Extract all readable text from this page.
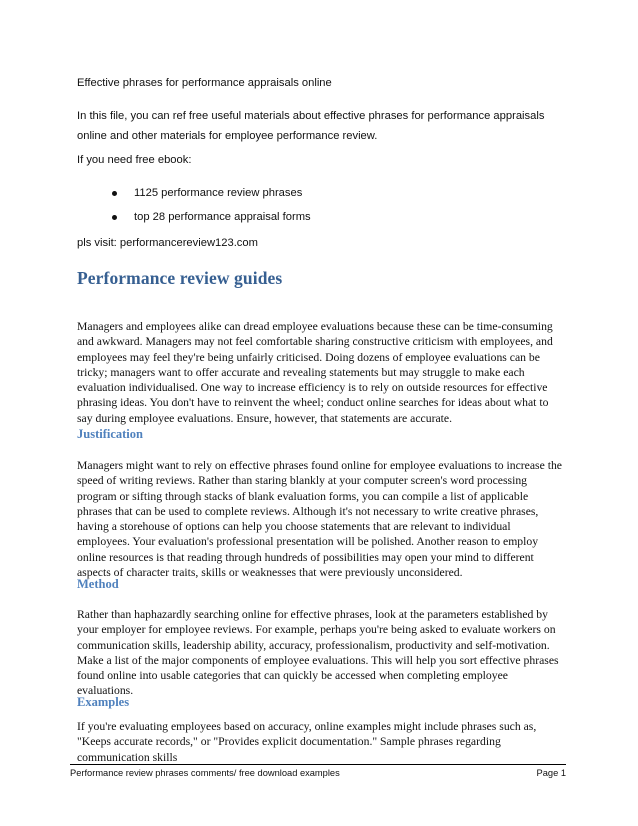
Effective phrases for performance appraisals online

In this file, you can ref free useful materials about effective phrases for performance appraisals online and other materials for employee performance review.

If you need free ebook:

1125 performance review phrases
top 28 performance appraisal forms

pls visit: performancereview123.com

Performance review guides

Managers and employees alike can dread employee evaluations because these can be time-consuming and awkward. Managers may not feel comfortable sharing constructive criticism with employees, and employees may feel they're being unfairly criticised. Doing dozens of employee evaluations can be tricky; managers want to offer accurate and revealing statements but may struggle to make each evaluation individualised. One way to increase efficiency is to rely on outside resources for effective phrasing ideas. You don't have to reinvent the wheel; conduct online searches for ideas about what to say during employee evaluations. Ensure, however, that statements are accurate.

Justification

Managers might want to rely on effective phrases found online for employee evaluations to increase the speed of writing reviews. Rather than staring blankly at your computer screen's word processing program or sifting through stacks of blank evaluation forms, you can compile a list of applicable phrases that can be used to complete reviews. Although it's not necessary to write creative phrases, having a storehouse of options can help you choose statements that are relevant to individual employees. Your evaluation's professional presentation will be polished. Another reason to employ online resources is that reading through hundreds of possibilities may open your mind to different aspects of character traits, skills or weaknesses that were previously unconsidered.

Method

Rather than haphazardly searching online for effective phrases, look at the parameters established by your employer for employee reviews. For example, perhaps you're being asked to evaluate workers on communication skills, leadership ability, accuracy, professionalism, productivity and self-motivation. Make a list of the major components of employee evaluations. This will help you sort effective phrases found online into usable categories that can quickly be accessed when completing employee evaluations.

Examples

If you're evaluating employees based on accuracy, online examples might include phrases such as, "Keeps accurate records," or "Provides explicit documentation." Sample phrases regarding communication skills

Performance review phrases comments/ free download examples	Page 1
